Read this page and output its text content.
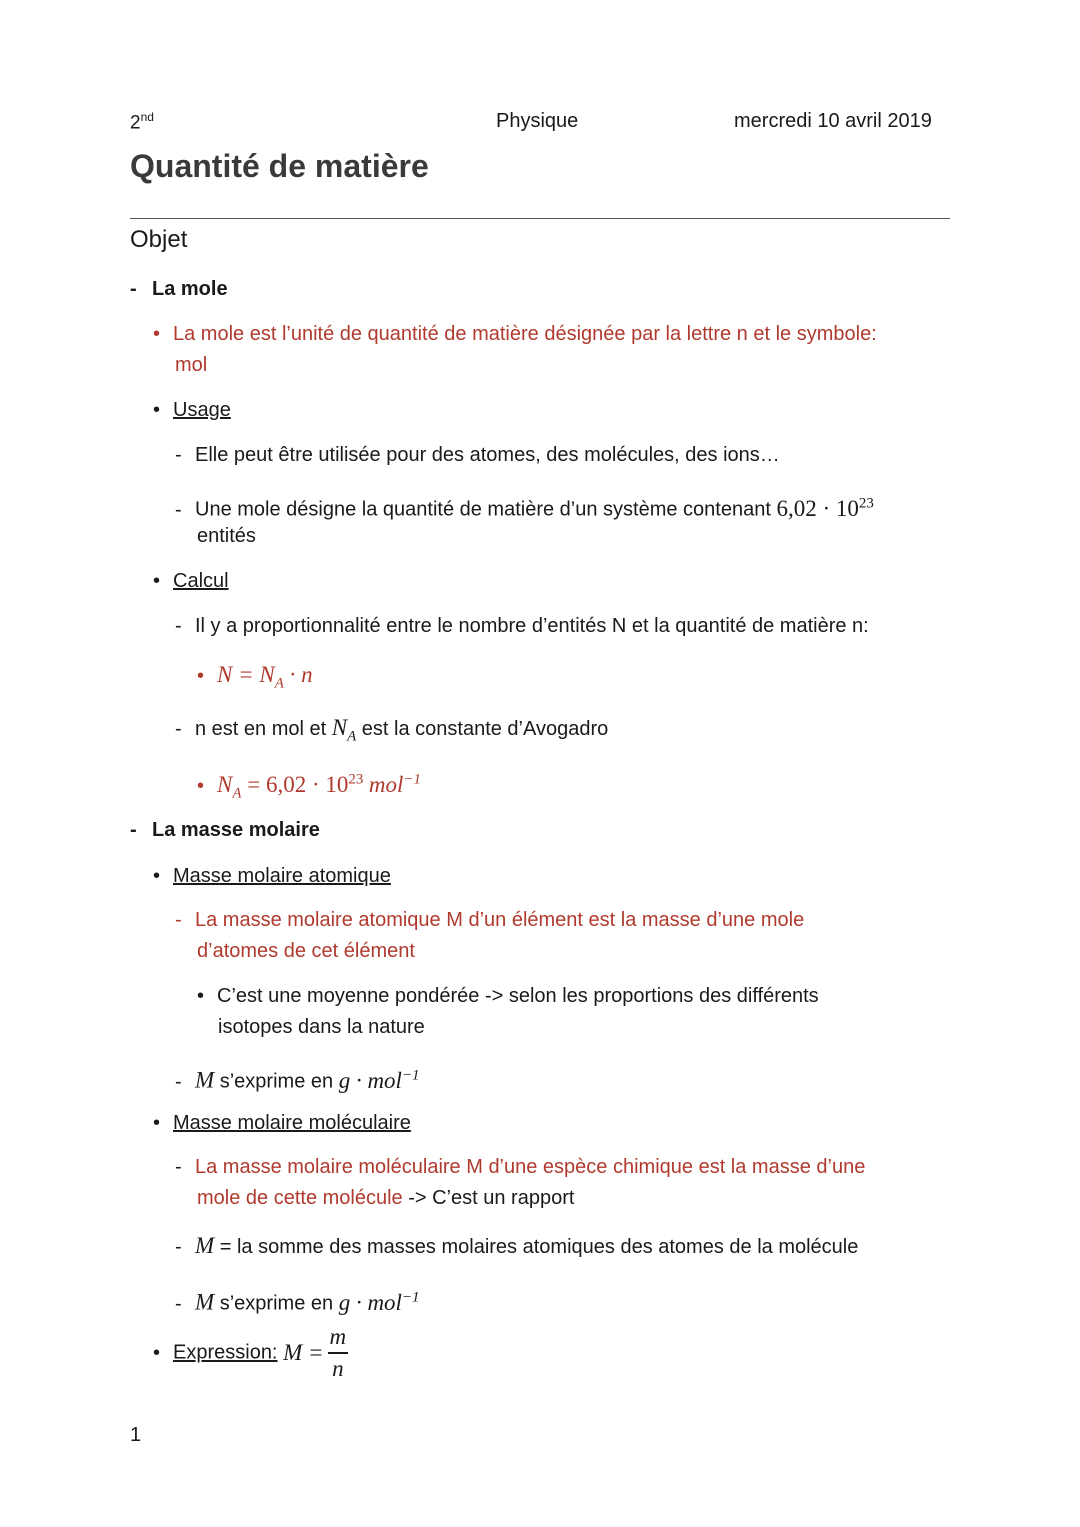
2nd	Physique	mercredi 10 avril 2019
Quantité de matière
Objet
- La mole
• La mole est l’unité de quantité de matière désignée par la lettre n et le symbole:
mol
• Usage
- Elle peut être utilisée pour des atomes, des molécules, des ions…
- Une mole désigne la quantité de matière d’un système contenant $6,02 \cdot 10^{23}$
entités
• Calcul
- Il y a proportionnalité entre le nombre d’entités N et la quantité de matière n:
• $N = N_A \cdot n$
- n est en mol et $N_A$ est la constante d’Avogadro
• $N_A = 6,02 \cdot 10^{23}$ mol$^{-1}$
- La masse molaire
• Masse molaire atomique
- La masse molaire atomique M d’un élément est la masse d’une mole
d’atomes de cet élément
• C’est une moyenne pondérée -> selon les proportions des différents
isotopes dans la nature
- M s’exprime en g · mol$^{-1}$
• Masse molaire moléculaire
- La masse molaire moléculaire M d’une espèce chimique est la masse d’une
mole de cette molécule -> C’est un rapport
- M = la somme des masses molaires atomiques des atomes de la molécule
- M s’exprime en g · mol$^{-1}$
• Expression: $M = \frac{m}{n}$
1
